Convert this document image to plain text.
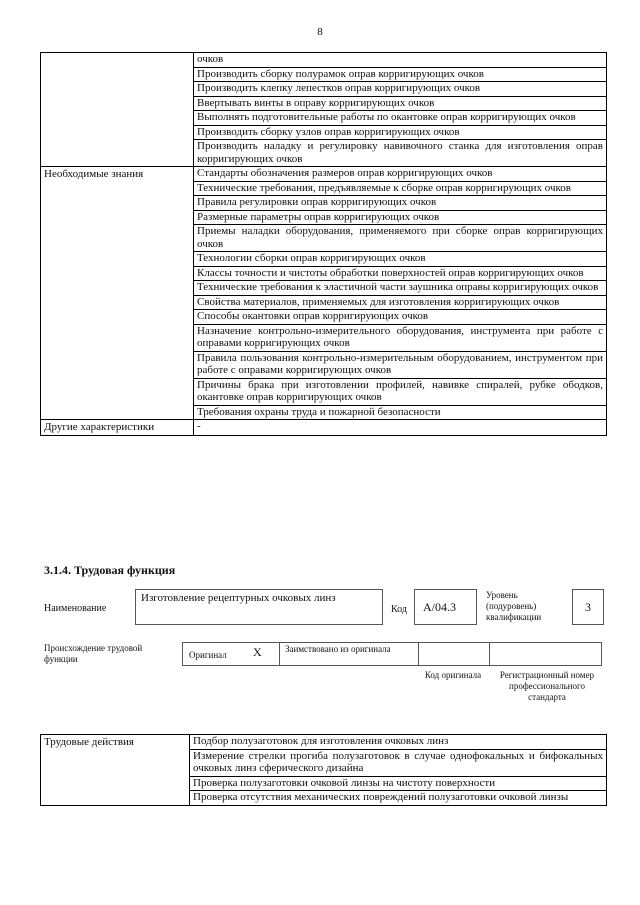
8
	очков
	Производить сборку полурамок оправ корригирующих очков
	Производить клепку лепестков оправ корригирующих очков
	Ввертывать винты в оправу корригирующих очков
	Выполнять подготовительные работы по окантовке оправ корригирующих очков
	Производить сборку узлов оправ корригирующих очков
	Производить наладку и регулировку навивочного станка для изготовления оправ корригирующих очков
Необходимые знания	Стандарты обозначения размеров оправ корригирующих очков
	Технические требования, предъявляемые к сборке оправ корригирующих очков
	Правила регулировки оправ корригирующих очков
	Размерные параметры оправ корригирующих очков
	Приемы наладки оборудования, применяемого при сборке оправ корригирующих очков
	Технологии сборки оправ корригирующих очков
	Классы точности и чистоты обработки поверхностей оправ корригирующих очков
	Технические требования к эластичной части заушника оправы корригирующих очков
	Свойства материалов, применяемых для изготовления корригирующих очков
	Способы окантовки оправ корригирующих очков
	Назначение контрольно-измерительного оборудования, инструмента при работе с оправами корригирующих очков
	Правила пользования контрольно-измерительным оборудованием, инструментом при работе с оправами корригирующих очков
	Причины брака при изготовлении профилей, навивке спиралей, рубке ободков, окантовке оправ корригирующих очков
	Требования охраны труда и пожарной безопасности
Другие характеристики	-
3.1.4. Трудовая функция
Наименование
Изготовление рецептурных очковых линз
Код	А/04.3
Уровень (подуровень) квалификации
3
Происхождение трудовой функции	Оригинал X	Заимствовано из оригинала
Код оригинала	Регистрационный номер профессионального стандарта
Трудовые действия	Подбор полузаготовок для изготовления очковых линз
Измерение стрелки прогиба полузаготовок в случае однофокальных и бифокальных очковых линз сферического дизайна
Проверка полузаготовки очковой линзы на чистоту поверхности
Проверка отсутствия механических повреждений полузаготовки очковой линзы
